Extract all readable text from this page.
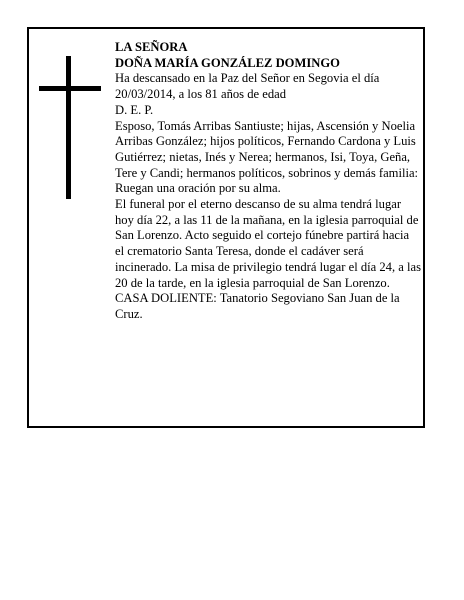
LA SEÑORA

DOÑA MARÍA GONZÁLEZ DOMINGO

Ha descansado en la Paz del Señor en Segovia el día 20/03/2014, a los 81 años de edad

D. E. P.

Esposo, Tomás Arribas Santiuste; hijas, Ascensión y Noelia Arribas González; hijos políticos, Fernando Cardona y Luis Gutiérrez; nietas, Inés y Nerea; hermanos, Isi, Toya, Geña, Tere y Candi; hermanos políticos, sobrinos y demás familia:

Ruegan una oración por su alma.

El funeral por el eterno descanso de su alma tendrá lugar hoy día 22, a las 11 de la mañana, en la iglesia parroquial de San Lorenzo. Acto seguido el cortejo fúnebre partirá hacia el crematorio Santa Teresa, donde el cadáver será incinerado. La misa de privilegio tendrá lugar el día 24, a las 20 de la tarde, en la iglesia parroquial de San Lorenzo.

CASA DOLIENTE: Tanatorio Segoviano San Juan de la Cruz.
